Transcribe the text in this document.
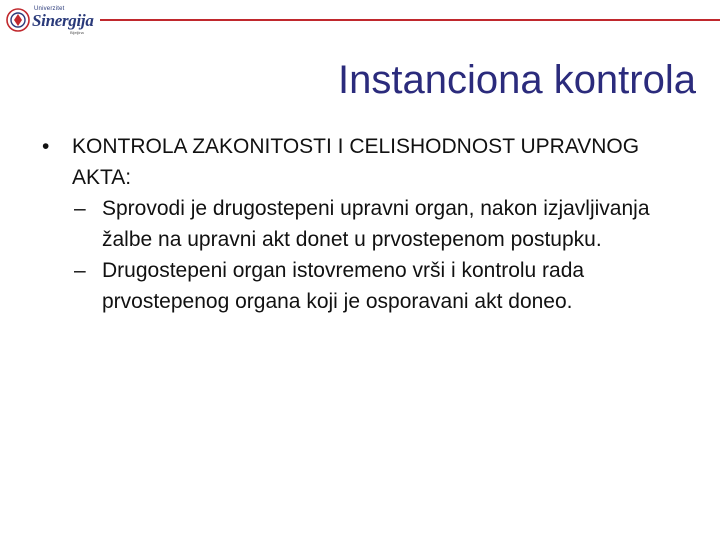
Univerzitet
Sinergija
Bijeljina
Instanciona kontrola
•	KONTROLA ZAKONITOSTI I CELISHODNOST UPRAVNOG AKTA:
– Sprovodi je drugostepeni upravni organ, nakon izjavljivanja žalbe na upravni akt donet u prvostepenom postupku.
– Drugostepeni organ istovremeno vrši i kontrolu rada prvostepenog organa koji je osporavani akt doneo.
